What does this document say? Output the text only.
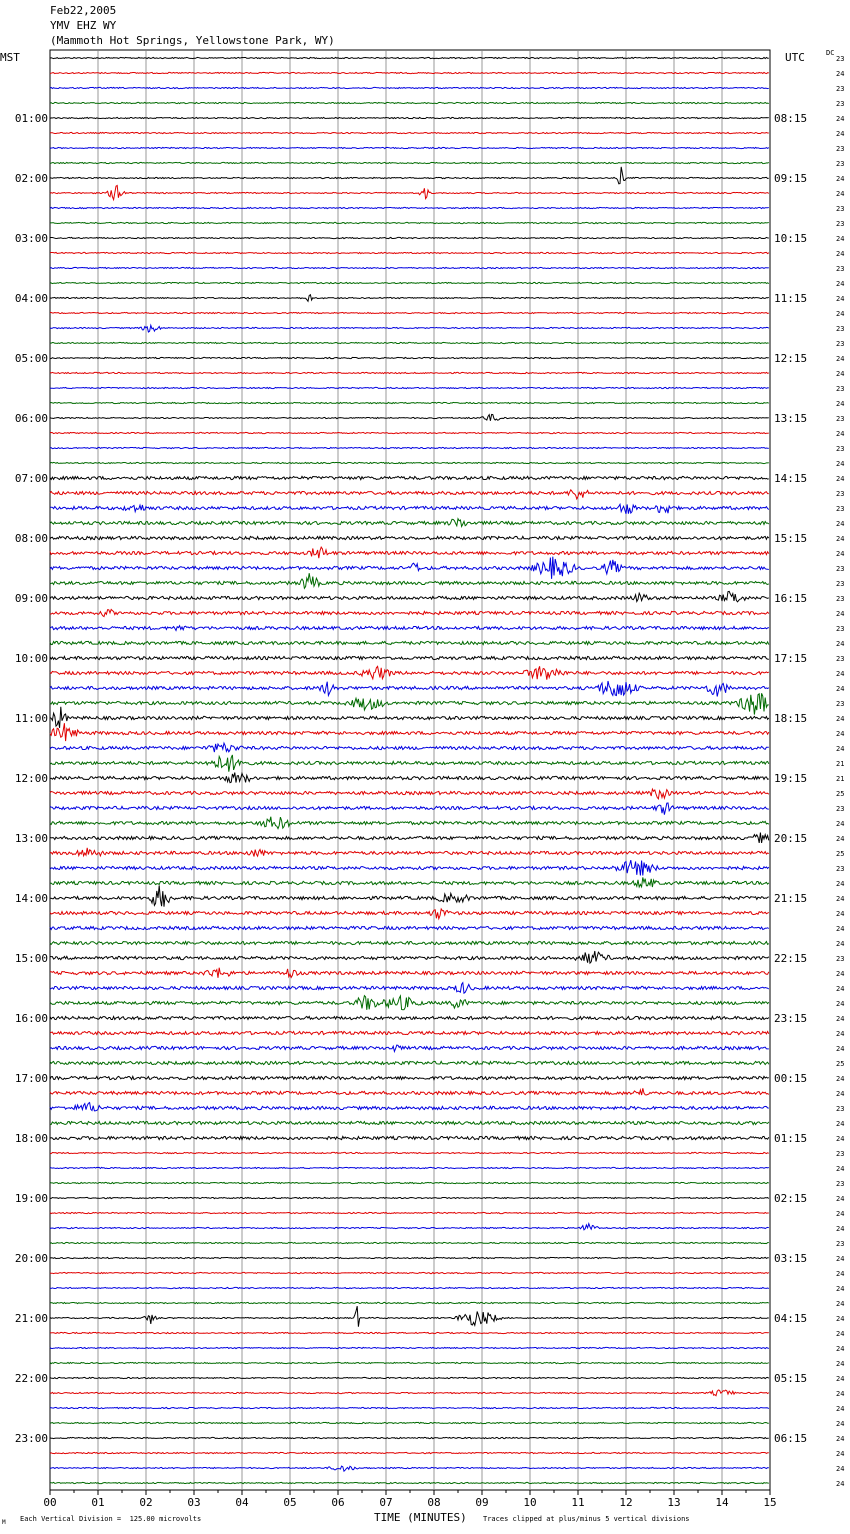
Feb22,2005
YMV EHZ WY
(Mammoth Hot Springs, Yellowstone Park, WY)
MST	UTC	DC
00	01	02	03	04	05	06	07	08	09	10	11	12	13	14	15
23
24
23
23
24
24
23
23
24
24
23
23
24
24
23
24
24
24
23
23
24
24
23
24
23
24
23
24
24
23
23
24
24
24
23
23
23
24
23
24
23
24
24
23
24
24
24
21
21
25
23
24
24
25
23
24
24
24
24
24
23
24
24
24
24
24
24
25
24
24
23
24
24
23
24
23
24
24
24
23
24
24
24
24
24
24
24
24
24
24
24
24
24
24
24
24
01:00
02:00
03:00
04:00
05:00
06:00
07:00
08:00
09:00
10:00
11:00
12:00
13:00
14:00
15:00
16:00
17:00
18:00
19:00
20:00
21:00
22:00
23:00
08:15
09:15
10:15
11:15
12:15
13:15
14:15
15:15
16:15
17:15
18:15
19:15
20:15
21:15
22:15
23:15
00:15
01:15
02:15
03:15
04:15
05:15
06:15
TIME (MINUTES)
Each Vertical Division =  125.00 microvolts	Traces clipped at plus/minus 5 vertical divisions
M
